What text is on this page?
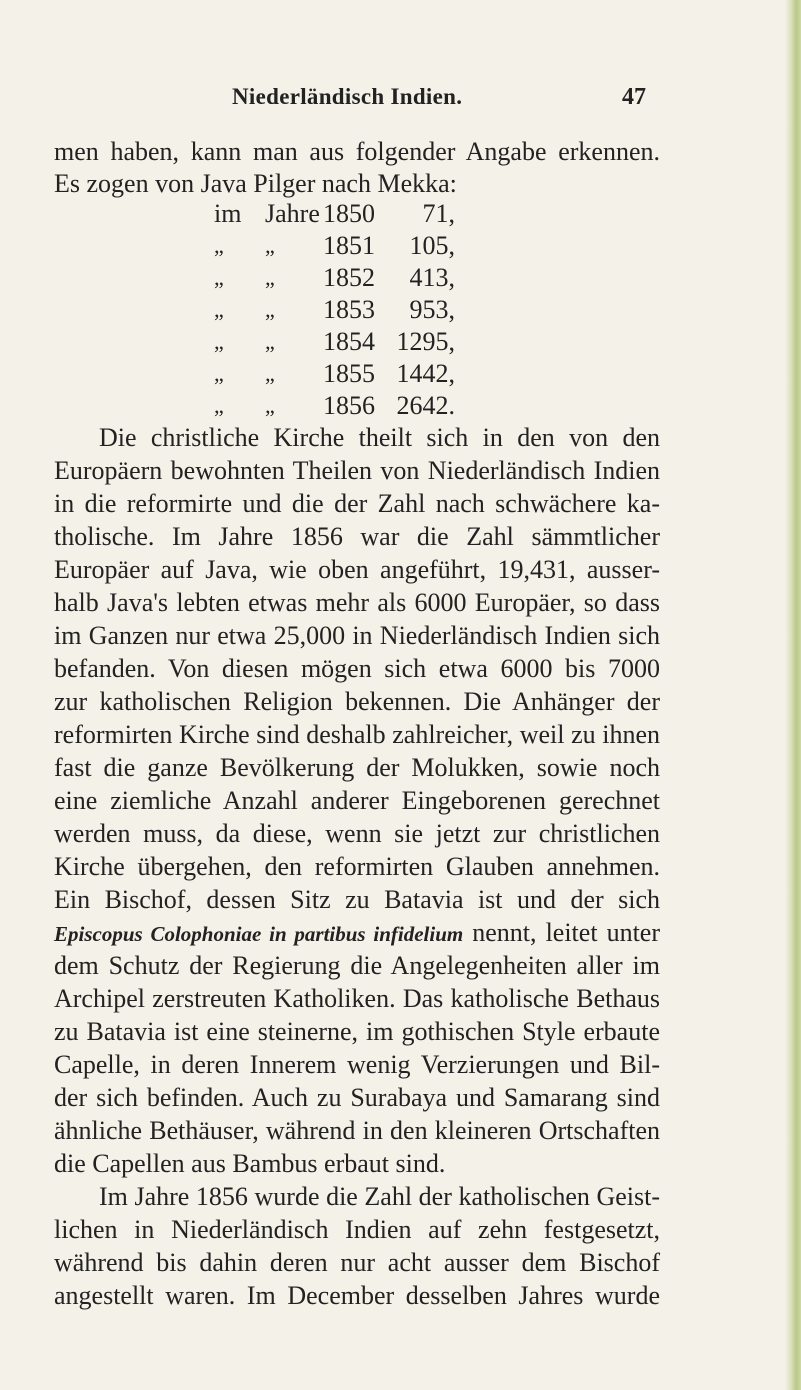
Niederländisch Indien.	47
men haben, kann man aus folgender Angabe erkennen.
Es zogen von Java Pilger nach Mekka:
im Jahre 1850	71,
„ „ 1851	105,
„ „ 1852	413,
„ „ 1853	953,
„ „ 1854 1295,
„ „ 1855 1442,
„ „ 1856 2642.
Die christliche Kirche theilt sich in den von den
Europäern bewohnten Theilen von Niederländisch Indien
in die reformirte und die der Zahl nach schwächere ka-
tholische. Im Jahre 1856 war die Zahl sämmtlicher
Europäer auf Java, wie oben angeführt, 19,431, ausser-
halb Java's lebten etwas mehr als 6000 Europäer, so dass
im Ganzen nur etwa 25,000 in Niederländisch Indien sich
befanden. Von diesen mögen sich etwa 6000 bis 7000
zur katholischen Religion bekennen. Die Anhänger der
reformirten Kirche sind deshalb zahlreicher, weil zu ihnen
fast die ganze Bevölkerung der Molukken, sowie noch
eine ziemliche Anzahl anderer Eingeborenen gerechnet
werden muss, da diese, wenn sie jetzt zur christlichen
Kirche übergehen, den reformirten Glauben annehmen.
Ein Bischof, dessen Sitz zu Batavia ist und der sich
Episcopus Colophoniae in partibus infidelium nennt, leitet unter
dem Schutz der Regierung die Angelegenheiten aller im
Archipel zerstreuten Katholiken. Das katholische Bethaus
zu Batavia ist eine steinerne, im gothischen Style erbaute
Capelle, in deren Innerem wenig Verzierungen und Bil-
der sich befinden. Auch zu Surabaya und Samarang sind
ähnliche Bethäuser, während in den kleineren Ortschaften
die Capellen aus Bambus erbaut sind.
Im Jahre 1856 wurde die Zahl der katholischen Geist-
lichen in Niederländisch Indien auf zehn festgesetzt,
während bis dahin deren nur acht ausser dem Bischof
angestellt waren. Im December desselben Jahres wurde
